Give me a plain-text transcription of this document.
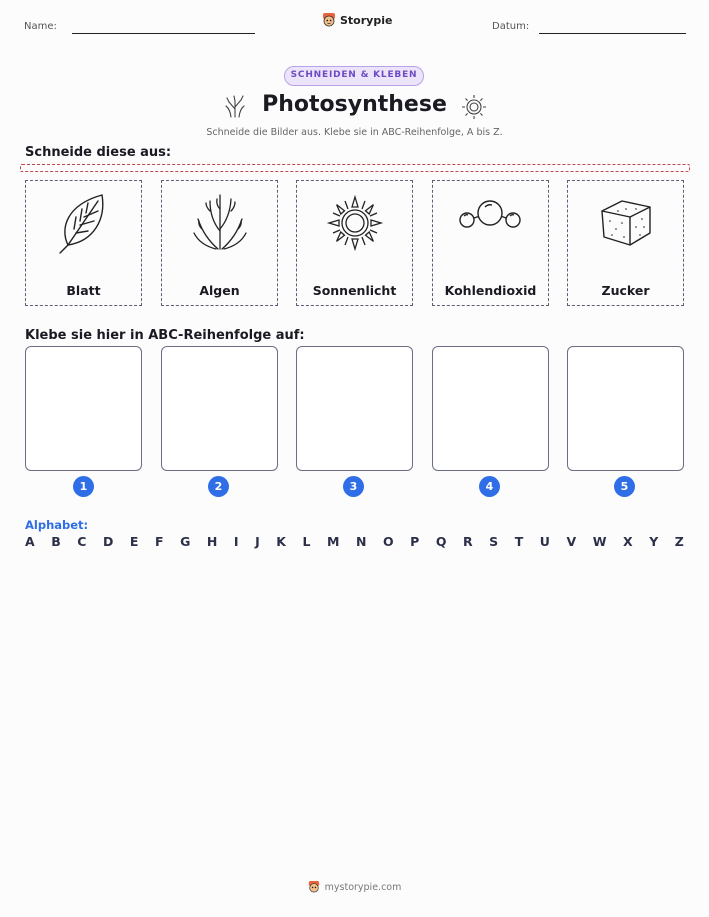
Name:	Storypie	Datum:
SCHNEIDEN & KLEBEN
Photosynthese
Schneide die Bilder aus. Klebe sie in ABC-Reihenfolge, A bis Z.
Schneide diese aus:
Blatt	Algen	Sonnenlicht	Kohlendioxid	Zucker
Klebe sie hier in ABC-Reihenfolge auf:
1	2	3	4	5
Alphabet:
A B C D E F G H I J K L M N O P Q R S T U V W X Y Z
mystorypie.com
